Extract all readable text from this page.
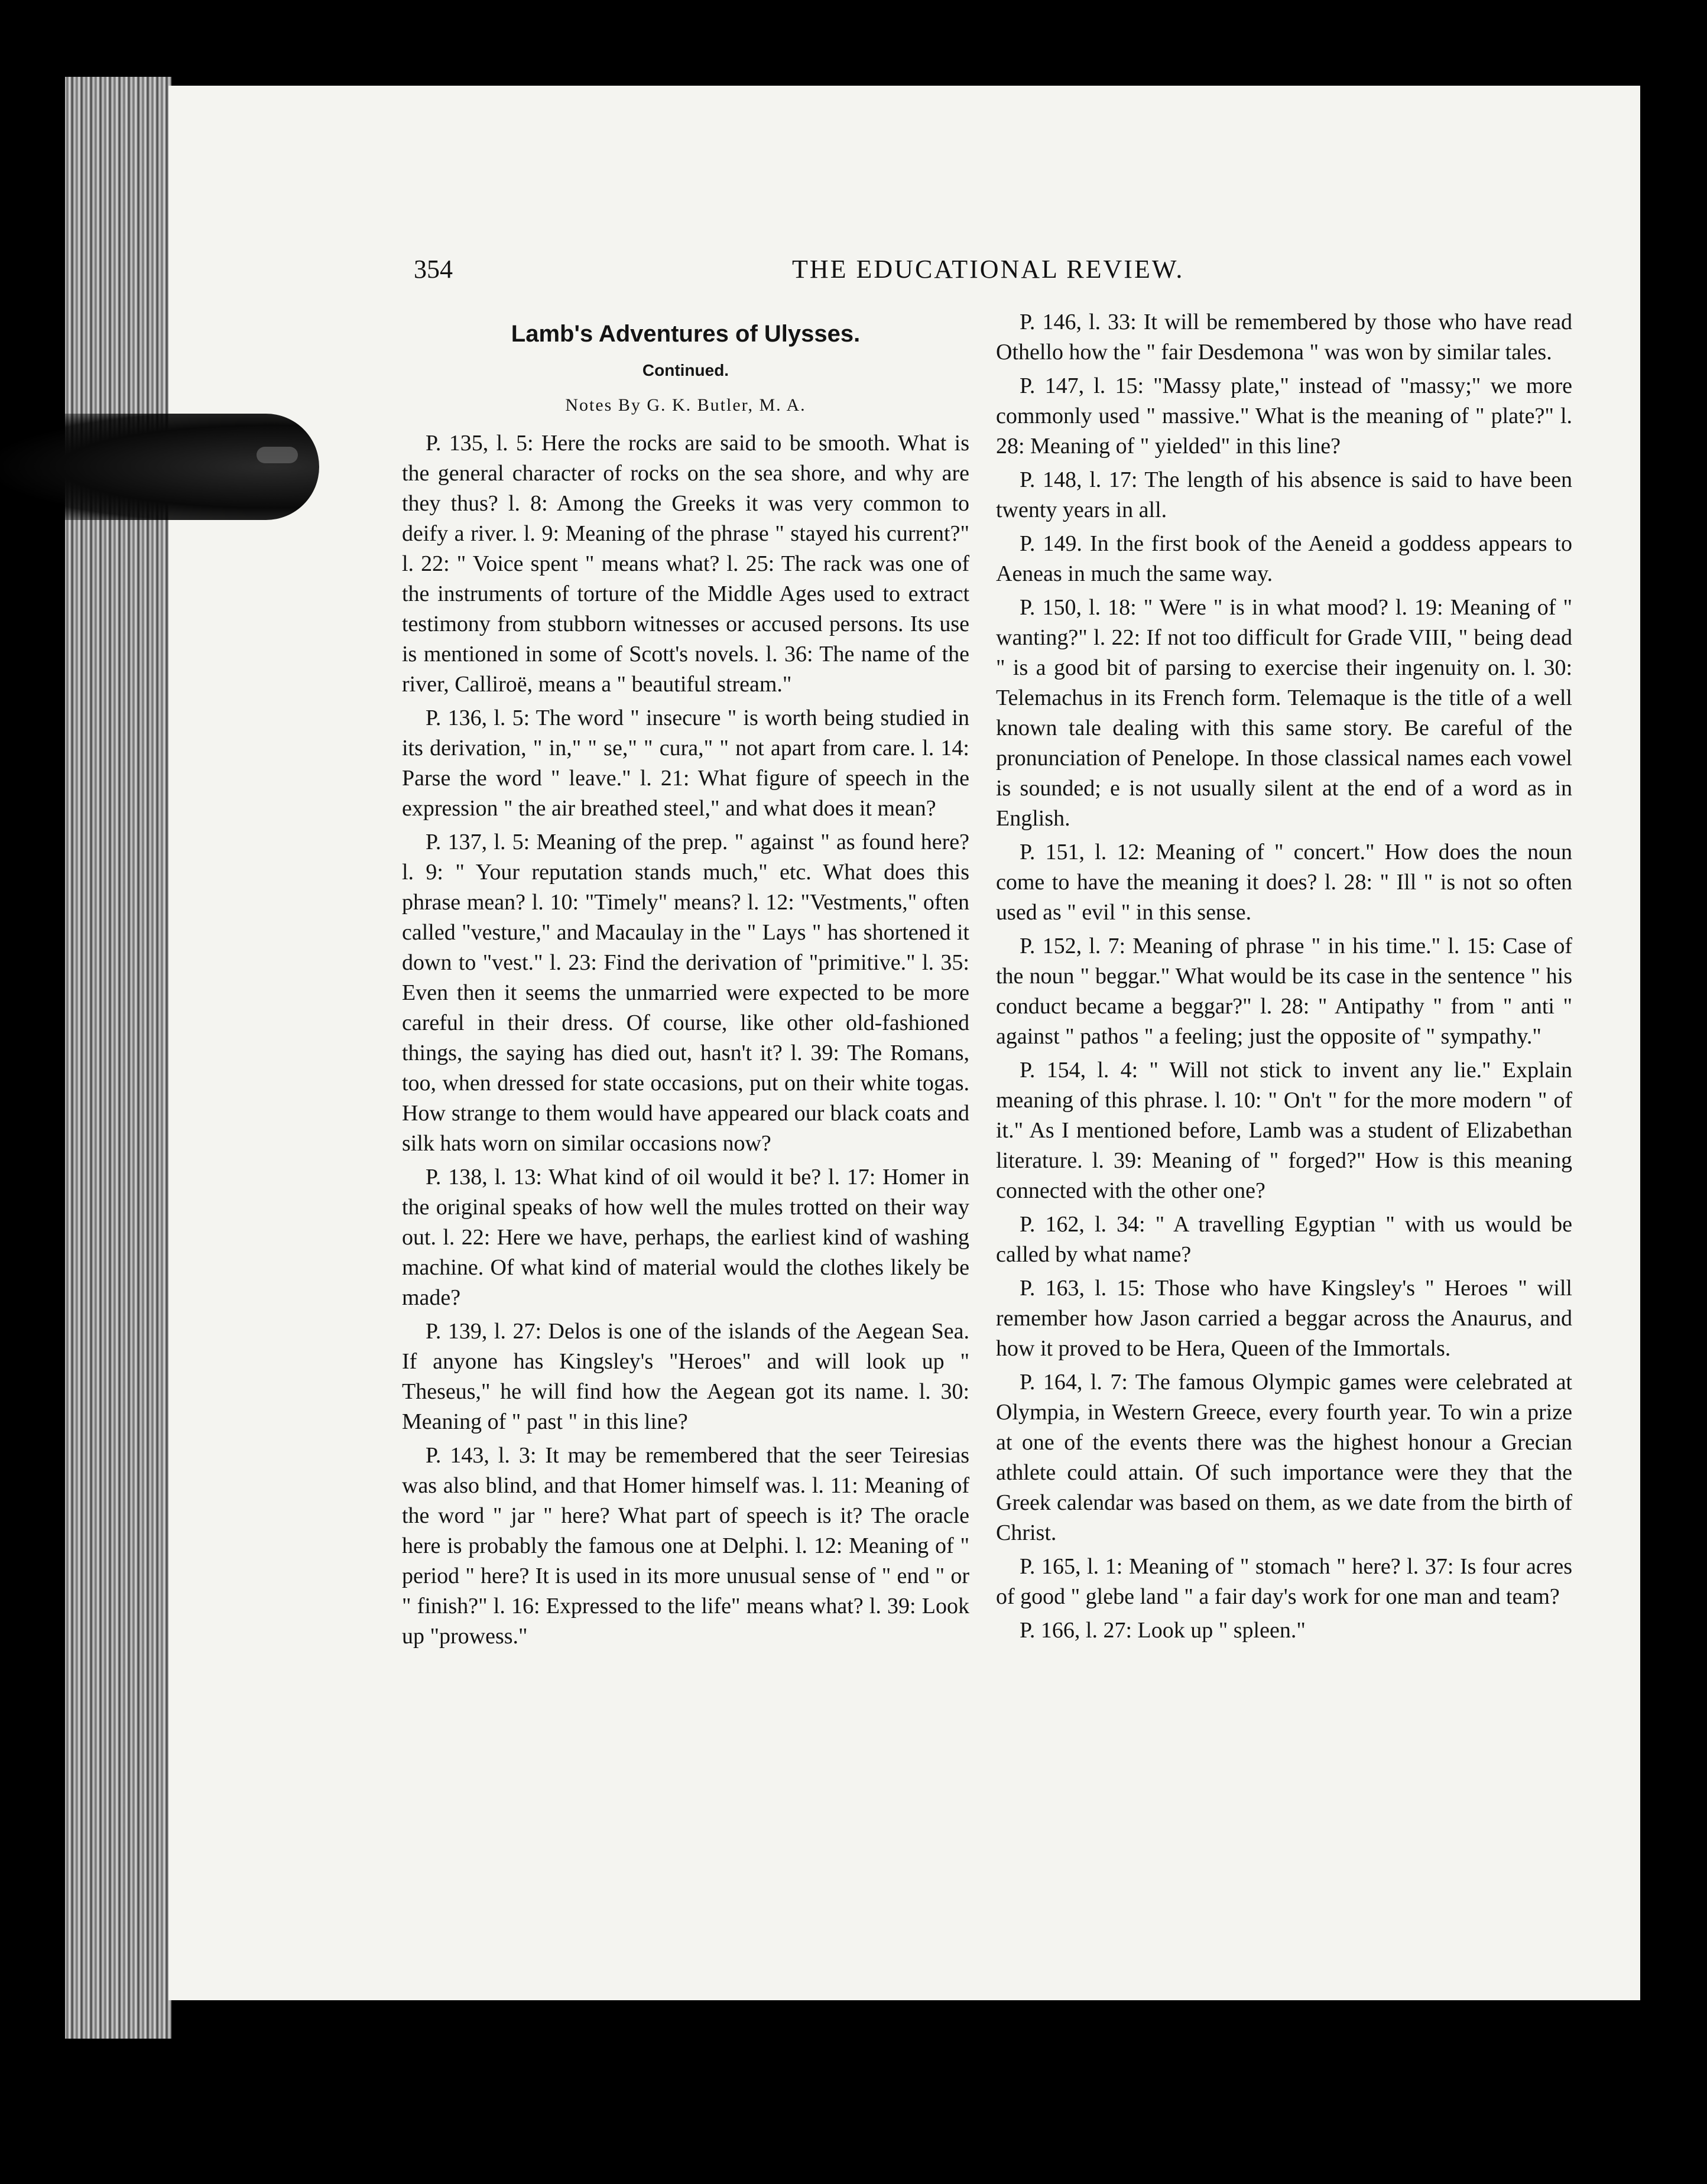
354	THE EDUCATIONAL REVIEW.
Lamb's Adventures of Ulysses.
Continued.
Notes By G. K. Butler, M. A.

P. 135, l. 5: Here the rocks are said to be smooth. What is the general character of rocks on the sea shore, and why are they thus? l. 8: Among the Greeks it was very common to deify a river. l. 9: Meaning of the phrase " stayed his current?" l. 22: " Voice spent " means what? l. 25: The rack was one of the instruments of torture of the Middle Ages used to extract testimony from stubborn witnesses or accused persons. Its use is mentioned in some of Scott's novels. l. 36: The name of the river, Calliroë, means a " beautiful stream."

P. 136, l. 5: The word " insecure " is worth being studied in its derivation, " in," " se," " cura," " not apart from care. l. 14: Parse the word " leave." l. 21: What figure of speech in the expression " the air breathed steel," and what does it mean?

P. 137, l. 5: Meaning of the prep. " against " as found here? l. 9: " Your reputation stands much," etc. What does this phrase mean? l. 10: "Timely" means? l. 12: "Vestments," often called "vesture," and Macaulay in the " Lays " has shortened it down to "vest." l. 23: Find the derivation of "primitive." l. 35: Even then it seems the unmarried were expected to be more careful in their dress. Of course, like other old-fashioned things, the saying has died out, hasn't it? l. 39: The Romans, too, when dressed for state occasions, put on their white togas. How strange to them would have appeared our black coats and silk hats worn on similar occasions now?

P. 138, l. 13: What kind of oil would it be? l. 17: Homer in the original speaks of how well the mules trotted on their way out. l. 22: Here we have, perhaps, the earliest kind of washing machine. Of what kind of material would the clothes likely be made?

P. 139, l. 27: Delos is one of the islands of the Aegean Sea. If anyone has Kingsley's "Heroes" and will look up " Theseus," he will find how the Aegean got its name. l. 30: Meaning of " past " in this line?

P. 143, l. 3: It may be remembered that the seer Teiresias was also blind, and that Homer himself was. l. 11: Meaning of the word " jar " here? What part of speech is it? The oracle here is probably the famous one at Delphi. l. 12: Meaning of " period " here? It is used in its more unusual sense of " end " or " finish?" l. 16: Expressed to the life" means what? l. 39: Look up "prowess."

P. 146, l. 33: It will be remembered by those who have read Othello how the " fair Desdemona " was won by similar tales.

P. 147, l. 15: "Massy plate," instead of "massy;" we more commonly used " massive." What is the meaning of " plate?" l. 28: Meaning of " yielded" in this line?

P. 148, l. 17: The length of his absence is said to have been twenty years in all.

P. 149. In the first book of the Aeneid a goddess appears to Aeneas in much the same way.

P. 150, l. 18: " Were " is in what mood? l. 19: Meaning of " wanting?" l. 22: If not too difficult for Grade VIII, " being dead " is a good bit of parsing to exercise their ingenuity on. l. 30: Telemachus in its French form. Telemaque is the title of a well known tale dealing with this same story. Be careful of the pronunciation of Penelope. In those classical names each vowel is sounded; e is not usually silent at the end of a word as in English.

P. 151, l. 12: Meaning of " concert." How does the noun come to have the meaning it does? l. 28: " Ill " is not so often used as " evil " in this sense.

P. 152, l. 7: Meaning of phrase " in his time." l. 15: Case of the noun " beggar." What would be its case in the sentence " his conduct became a beggar?" l. 28: " Antipathy " from " anti " against " pathos " a feeling; just the opposite of " sympathy."

P. 154, l. 4: " Will not stick to invent any lie." Explain meaning of this phrase. l. 10: " On't " for the more modern " of it." As I mentioned before, Lamb was a student of Elizabethan literature. l. 39: Meaning of " forged?" How is this meaning connected with the other one?

P. 162, l. 34: " A travelling Egyptian " with us would be called by what name?

P. 163, l. 15: Those who have Kingsley's " Heroes " will remember how Jason carried a beggar across the Anaurus, and how it proved to be Hera, Queen of the Immortals.

P. 164, l. 7: The famous Olympic games were celebrated at Olympia, in Western Greece, every fourth year. To win a prize at one of the events there was the highest honour a Grecian athlete could attain. Of such importance were they that the Greek calendar was based on them, as we date from the birth of Christ.

P. 165, l. 1: Meaning of " stomach " here? l. 37: Is four acres of good " glebe land " a fair day's work for one man and team?

P. 166, l. 27: Look up " spleen."
